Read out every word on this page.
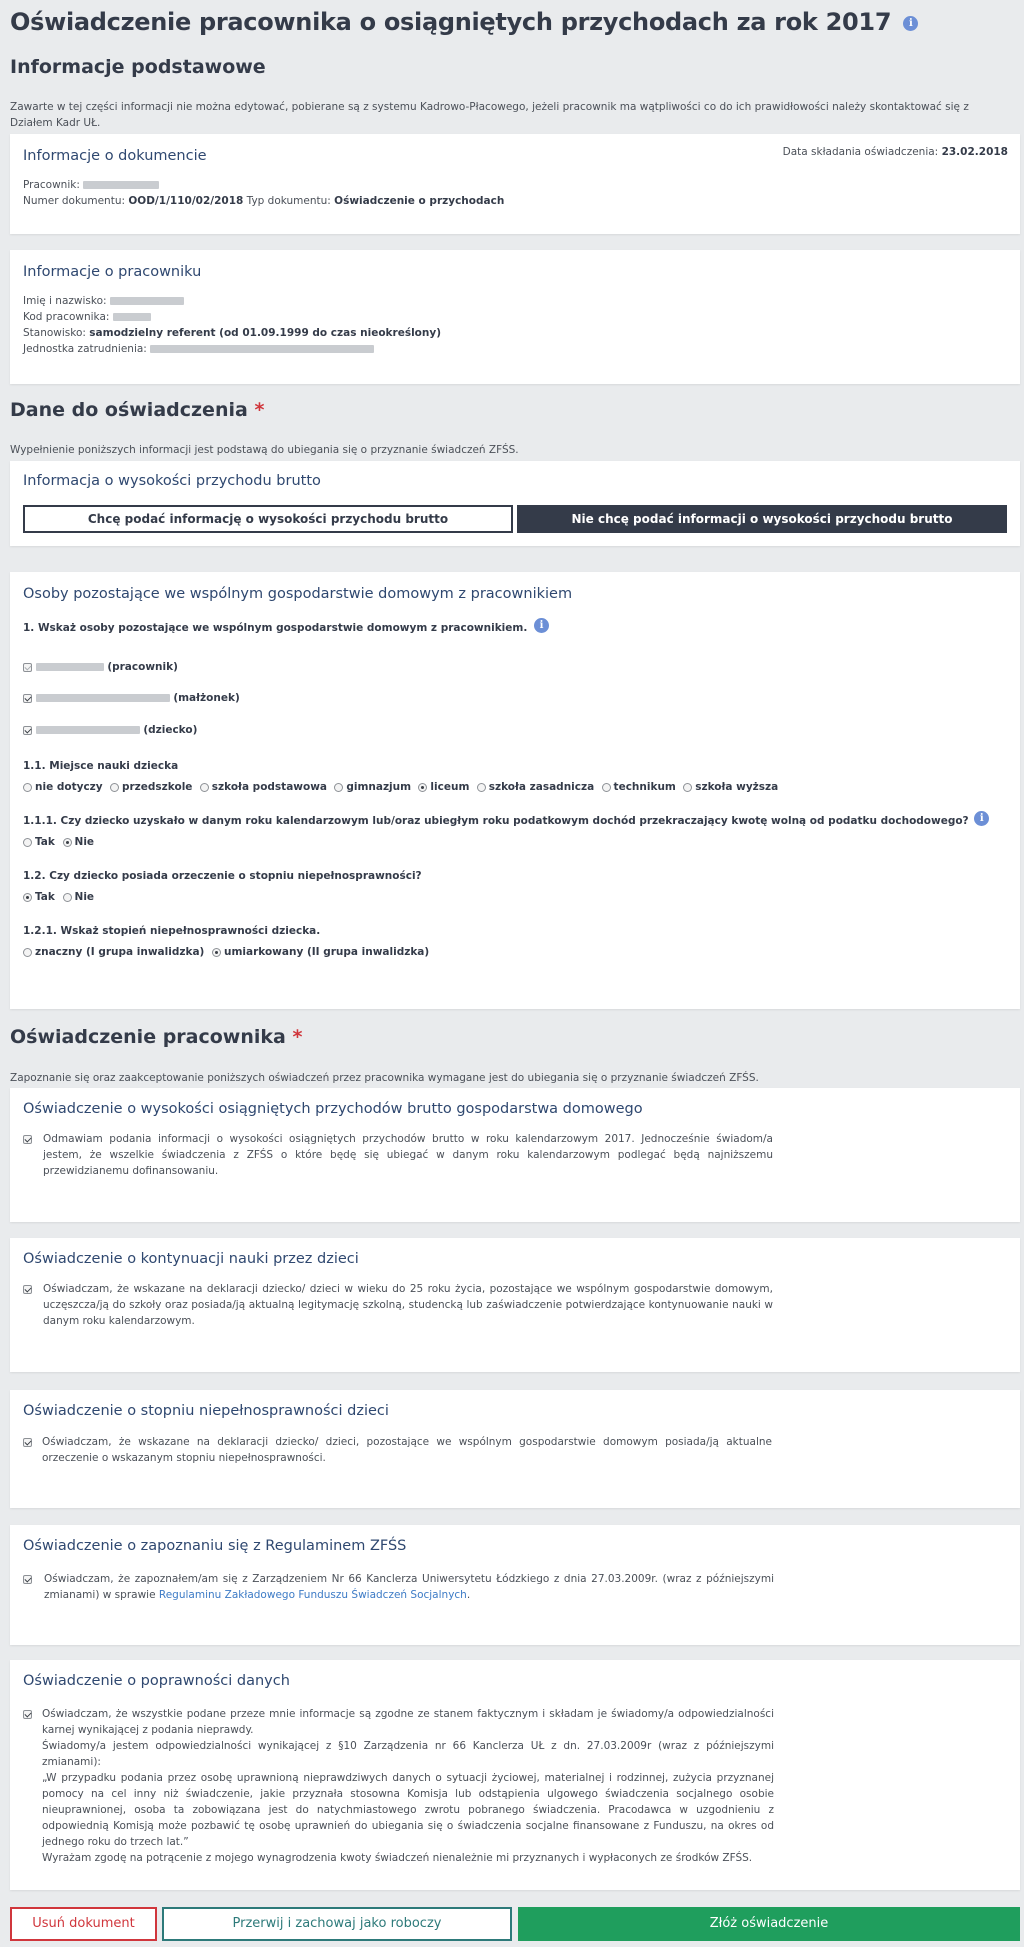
Oświadczenie pracownika o osiągniętych przychodach za rok 2017 i
Informacje podstawowe
Zawarte w tej części informacji nie można edytować, pobierane są z systemu Kadrowo-Płacowego, jeżeli pracownik ma wątpliwości co do ich prawidłowości należy skontaktować się z Działem Kadr UŁ.
Informacje o dokumencie	Data składania oświadczenia: 23.02.2018
Pracownik:
Numer dokumentu: OOD/1/110/02/2018 Typ dokumentu: Oświadczenie o przychodach
Informacje o pracowniku
Imię i nazwisko:
Kod pracownika:
Stanowisko: samodzielny referent (od 01.09.1999 do czas nieokreślony)
Jednostka zatrudnienia:
Dane do oświadczenia *
Wypełnienie poniższych informacji jest podstawą do ubiegania się o przyznanie świadczeń ZFŚS.
Informacja o wysokości przychodu brutto
Chcę podać informację o wysokości przychodu brutto	Nie chcę podać informacji o wysokości przychodu brutto
Osoby pozostające we wspólnym gospodarstwie domowym z pracownikiem
1. Wskaż osoby pozostające we wspólnym gospodarstwie domowym z pracownikiem. i
(pracownik)
(małżonek)
(dziecko)
1.1. Miejsce nauki dziecka
nie dotyczy przedszkole szkoła podstawowa gimnazjum liceum szkoła zasadnicza technikum szkoła wyższa
1.1.1. Czy dziecko uzyskało w danym roku kalendarzowym lub/oraz ubiegłym roku podatkowym dochód przekraczający kwotę wolną od podatku dochodowego? i
Tak Nie
1.2. Czy dziecko posiada orzeczenie o stopniu niepełnosprawności?
Tak Nie
1.2.1. Wskaż stopień niepełnosprawności dziecka.
znaczny (I grupa inwalidzka) umiarkowany (II grupa inwalidzka)
Oświadczenie pracownika *
Zapoznanie się oraz zaakceptowanie poniższych oświadczeń przez pracownika wymagane jest do ubiegania się o przyznanie świadczeń ZFŚS.
Oświadczenie o wysokości osiągniętych przychodów brutto gospodarstwa domowego
Odmawiam podania informacji o wysokości osiągniętych przychodów brutto w roku kalendarzowym 2017. Jednocześnie świadom/a jestem, że wszelkie świadczenia z ZFŚS o które będę się ubiegać w danym roku kalendarzowym podlegać będą najniższemu przewidzianemu dofinansowaniu.
Oświadczenie o kontynuacji nauki przez dzieci
Oświadczam, że wskazane na deklaracji dziecko/ dzieci w wieku do 25 roku życia, pozostające we wspólnym gospodarstwie domowym, uczęszcza/ją do szkoły oraz posiada/ją aktualną legitymację szkolną, studencką lub zaświadczenie potwierdzające kontynuowanie nauki w danym roku kalendarzowym.
Oświadczenie o stopniu niepełnosprawności dzieci
Oświadczam, że wskazane na deklaracji dziecko/ dzieci, pozostające we wspólnym gospodarstwie domowym posiada/ją aktualne orzeczenie o wskazanym stopniu niepełnosprawności.
Oświadczenie o zapoznaniu się z Regulaminem ZFŚS
Oświadczam, że zapoznałem/am się z Zarządzeniem Nr 66 Kanclerza Uniwersytetu Łódzkiego z dnia 27.03.2009r. (wraz z późniejszymi zmianami) w sprawie Regulaminu Zakładowego Funduszu Świadczeń Socjalnych.
Oświadczenie o poprawności danych
Oświadczam, że wszystkie podane przeze mnie informacje są zgodne ze stanem faktycznym i składam je świadomy/a odpowiedzialności karnej wynikającej z podania nieprawdy.
Świadomy/a jestem odpowiedzialności wynikającej z §10 Zarządzenia nr 66 Kanclerza UŁ z dn. 27.03.2009r (wraz z późniejszymi zmianami):
„W przypadku podania przez osobę uprawnioną nieprawdziwych danych o sytuacji życiowej, materialnej i rodzinnej, zużycia przyznanej pomocy na cel inny niż świadczenie, jakie przyznała stosowna Komisja lub odstąpienia ulgowego świadczenia socjalnego osobie nieuprawnionej, osoba ta zobowiązana jest do natychmiastowego zwrotu pobranego świadczenia. Pracodawca w uzgodnieniu z odpowiednią Komisją może pozbawić tę osobę uprawnień do ubiegania się o świadczenia socjalne finansowane z Funduszu, na okres od jednego roku do trzech lat.”
Wyrażam zgodę na potrącenie z mojego wynagrodzenia kwoty świadczeń nienależnie mi przyznanych i wypłaconych ze środków ZFŚS.
Usuń dokument	Przerwij i zachowaj jako roboczy	Złóż oświadczenie
